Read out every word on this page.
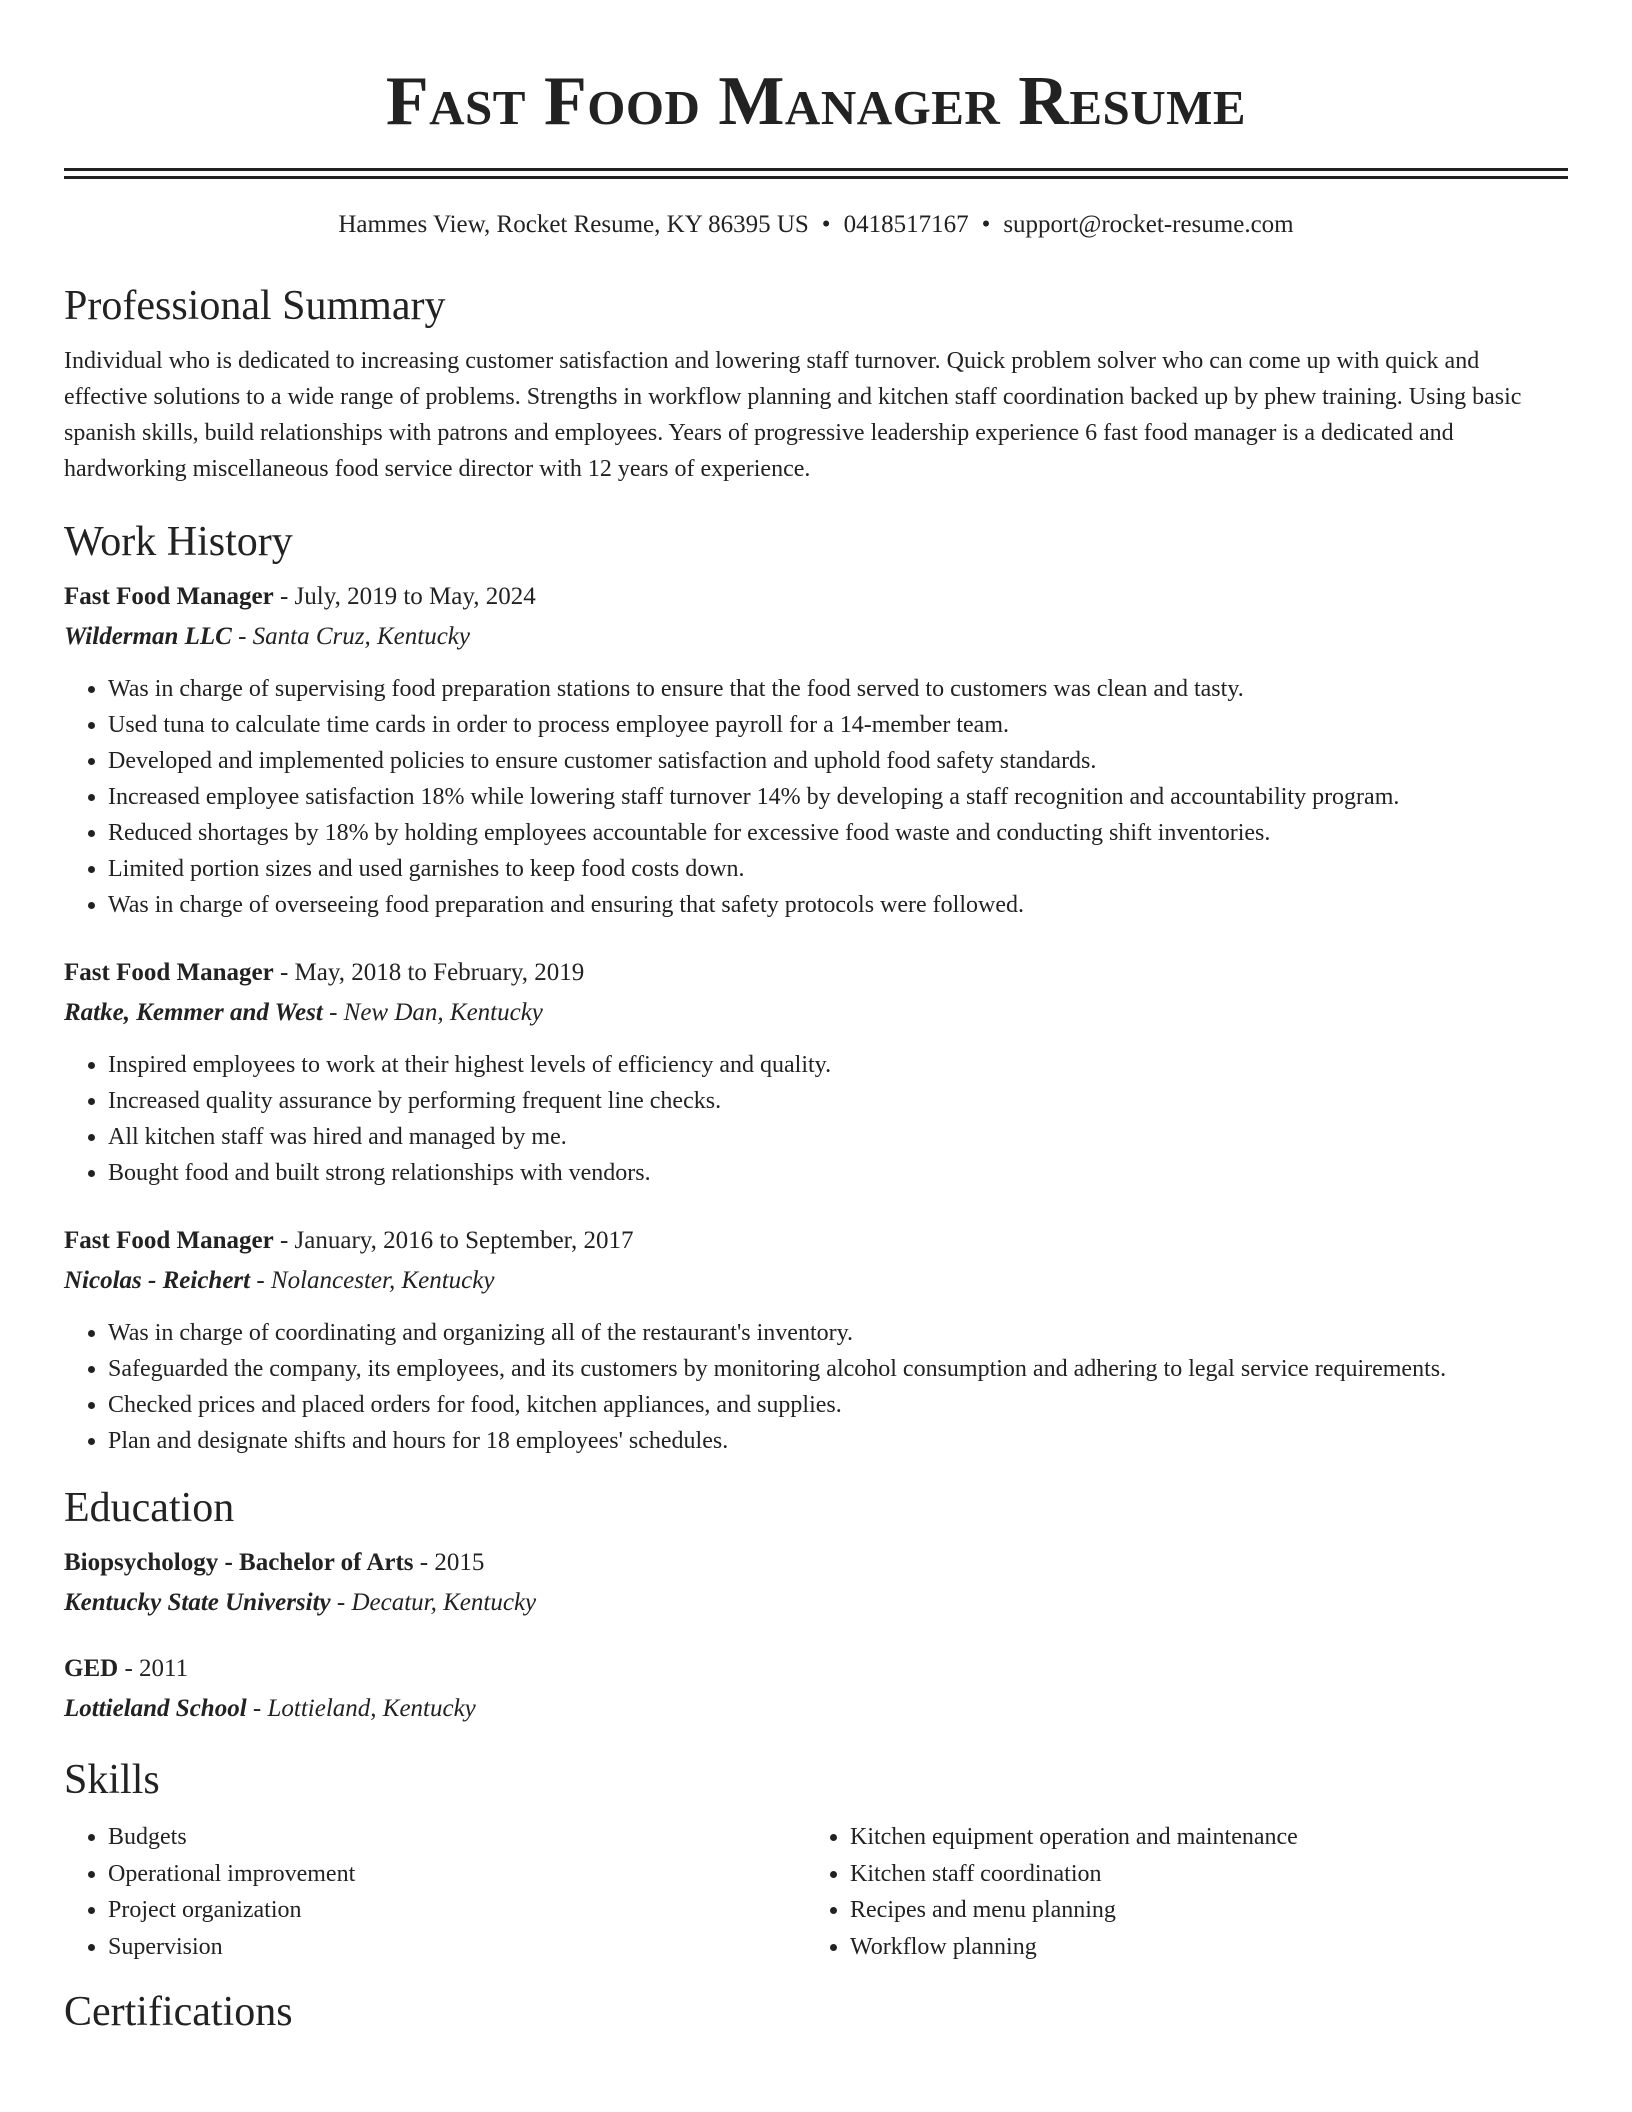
Fast Food Manager Resume
Hammes View, Rocket Resume, KY 86395 US • 0418517167 • support@rocket-resume.com
Professional Summary

Individual who is dedicated to increasing customer satisfaction and lowering staff turnover. Quick problem solver who can come up with quick and effective solutions to a wide range of problems. Strengths in workflow planning and kitchen staff coordination backed up by phew training. Using basic spanish skills, build relationships with patrons and employees. Years of progressive leadership experience 6 fast food manager is a dedicated and hardworking miscellaneous food service director with 12 years of experience.

Work History
Fast Food Manager - July, 2019 to May, 2024
Wilderman LLC - Santa Cruz, Kentucky
• Was in charge of supervising food preparation stations to ensure that the food served to customers was clean and tasty.
• Used tuna to calculate time cards in order to process employee payroll for a 14-member team.
• Developed and implemented policies to ensure customer satisfaction and uphold food safety standards.
• Increased employee satisfaction 18% while lowering staff turnover 14% by developing a staff recognition and accountability program.
• Reduced shortages by 18% by holding employees accountable for excessive food waste and conducting shift inventories.
• Limited portion sizes and used garnishes to keep food costs down.
• Was in charge of overseeing food preparation and ensuring that safety protocols were followed.
Fast Food Manager - May, 2018 to February, 2019
Ratke, Kemmer and West - New Dan, Kentucky
• Inspired employees to work at their highest levels of efficiency and quality.
• Increased quality assurance by performing frequent line checks.
• All kitchen staff was hired and managed by me.
• Bought food and built strong relationships with vendors.
Fast Food Manager - January, 2016 to September, 2017
Nicolas - Reichert - Nolancester, Kentucky
• Was in charge of coordinating and organizing all of the restaurant's inventory.
• Safeguarded the company, its employees, and its customers by monitoring alcohol consumption and adhering to legal service requirements.
• Checked prices and placed orders for food, kitchen appliances, and supplies.
• Plan and designate shifts and hours for 18 employees' schedules.
Education
Biopsychology - Bachelor of Arts - 2015
Kentucky State University - Decatur, Kentucky
GED - 2011
Lottieland School - Lottieland, Kentucky
Skills
• Budgets
• Operational improvement
• Project organization
• Supervision
• Kitchen equipment operation and maintenance
• Kitchen staff coordination
• Recipes and menu planning
• Workflow planning
Certifications
